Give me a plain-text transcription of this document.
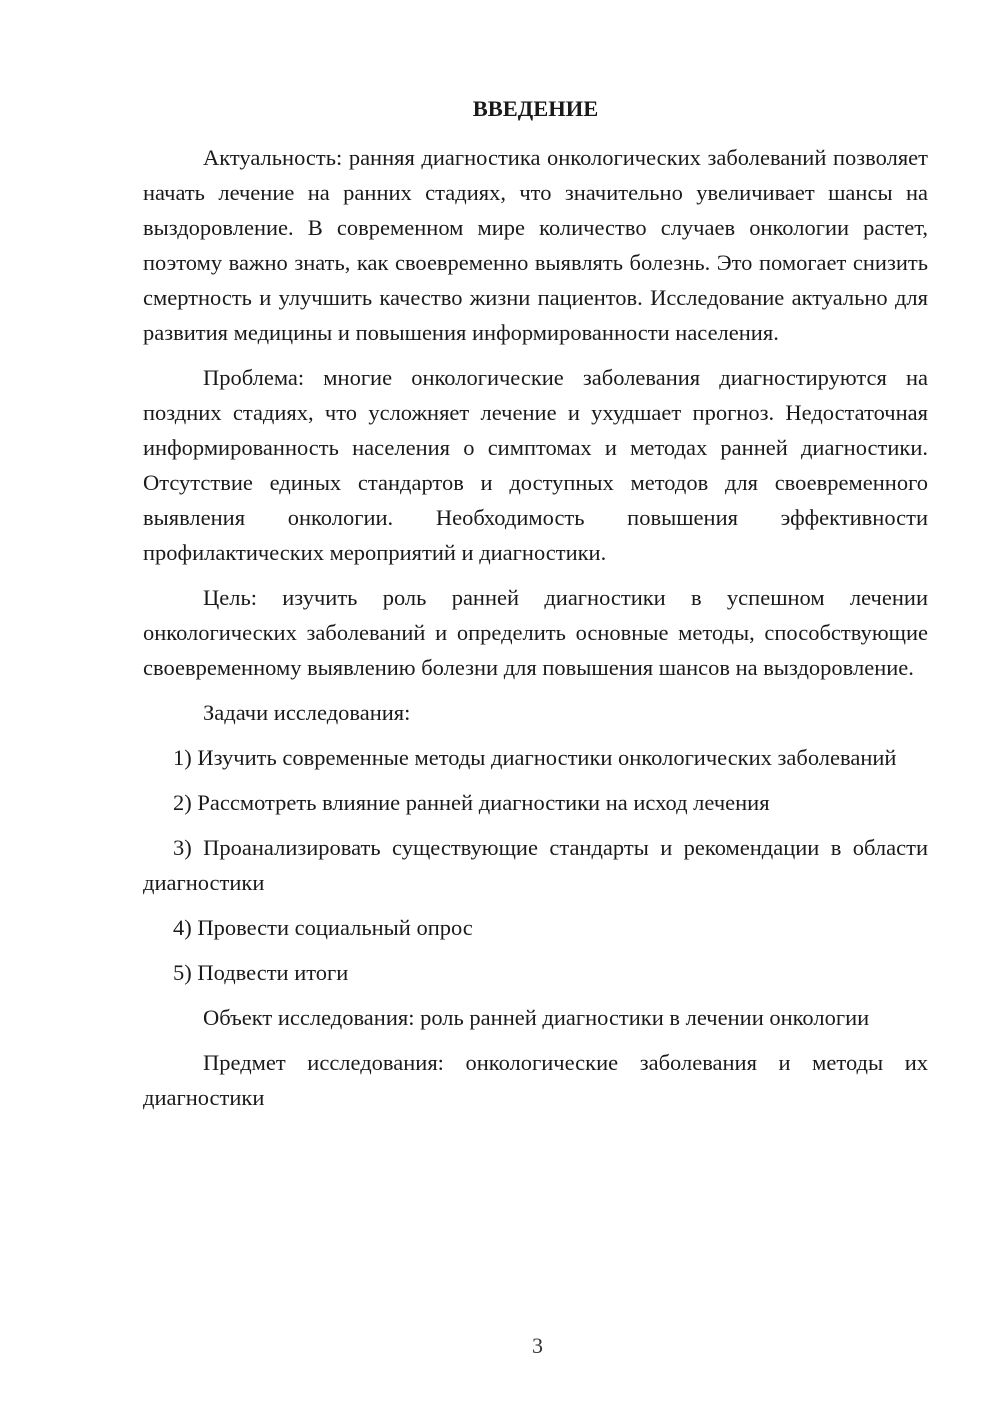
ВВЕДЕНИЕ

Актуальность: ранняя диагностика онкологических заболеваний позволяет начать лечение на ранних стадиях, что значительно увеличивает шансы на выздоровление. В современном мире количество случаев онкологии растет, поэтому важно знать, как своевременно выявлять болезнь. Это помогает снизить смертность и улучшить качество жизни пациентов. Исследование актуально для развития медицины и повышения информированности населения.

Проблема: многие онкологические заболевания диагностируются на поздних стадиях, что усложняет лечение и ухудшает прогноз. Недостаточная информированность населения о симптомах и методах ранней диагностики. Отсутствие единых стандартов и доступных методов для своевременного выявления онкологии. Необходимость повышения эффективности профилактических мероприятий и диагностики.

Цель: изучить роль ранней диагностики в успешном лечении онкологических заболеваний и определить основные методы, способствующие своевременному выявлению болезни для повышения шансов на выздоровление.

Задачи исследования:

1) Изучить современные методы диагностики онкологических заболеваний

2) Рассмотреть влияние ранней диагностики на исход лечения

3) Проанализировать существующие стандарты и рекомендации в области диагностики

4) Провести социальный опрос

5) Подвести итоги

Объект исследования: роль ранней диагностики в лечении онкологии

Предмет исследования: онкологические заболевания и методы их диагностики

3
